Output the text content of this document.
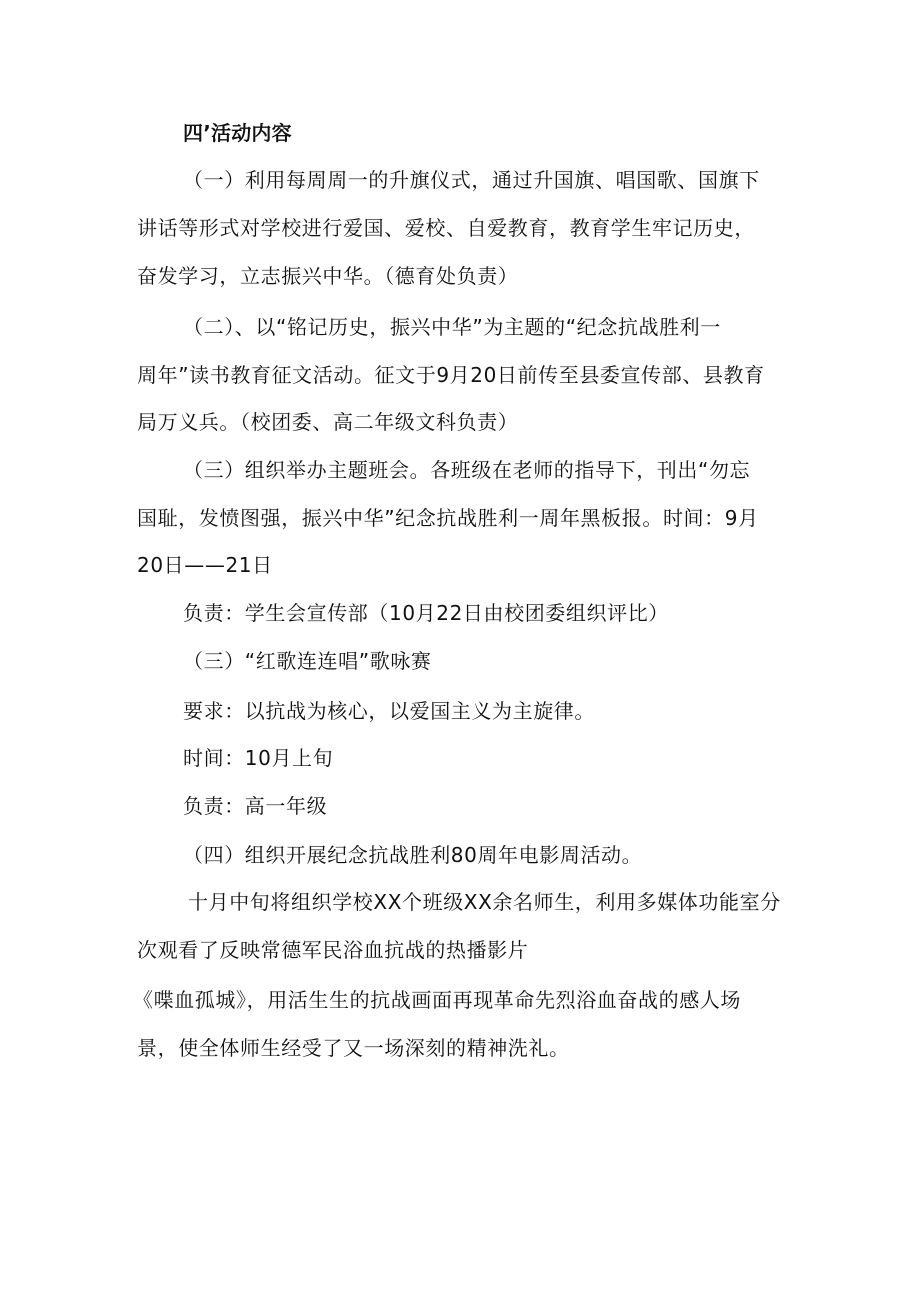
四’活动内容
（一）利用每周周一的升旗仪式，通过升国旗、唱国歌、国旗下
讲话等形式对学校进行爱国、爱校、自爱教育，教育学生牢记历史，
奋发学习，立志振兴中华。（德育处负责）
（二）、以“铭记历史，振兴中华”为主题的“纪念抗战胜利一
周年”读书教育征文活动。征文于9月20日前传至县委宣传部、县教育
局万义兵。（校团委、高二年级文科负责）
（三）组织举办主题班会。各班级在老师的指导下，刊出“勿忘
国耻，发愤图强，振兴中华”纪念抗战胜利一周年黑板报。时间：9月
20日——21日
负责：学生会宣传部（10月22日由校团委组织评比）
（三）“红歌连连唱”歌咏赛
要求：以抗战为核心，以爱国主义为主旋律。
时间：10月上旬
负责：高一年级
（四）组织开展纪念抗战胜利80周年电影周活动。
十月中旬将组织学校XX个班级XX余名师生，利用多媒体功能室分
次观看了反映常德军民浴血抗战的热播影片
《喋血孤城》，用活生生的抗战画面再现革命先烈浴血奋战的感人场
景，使全体师生经受了又一场深刻的精神洗礼。
